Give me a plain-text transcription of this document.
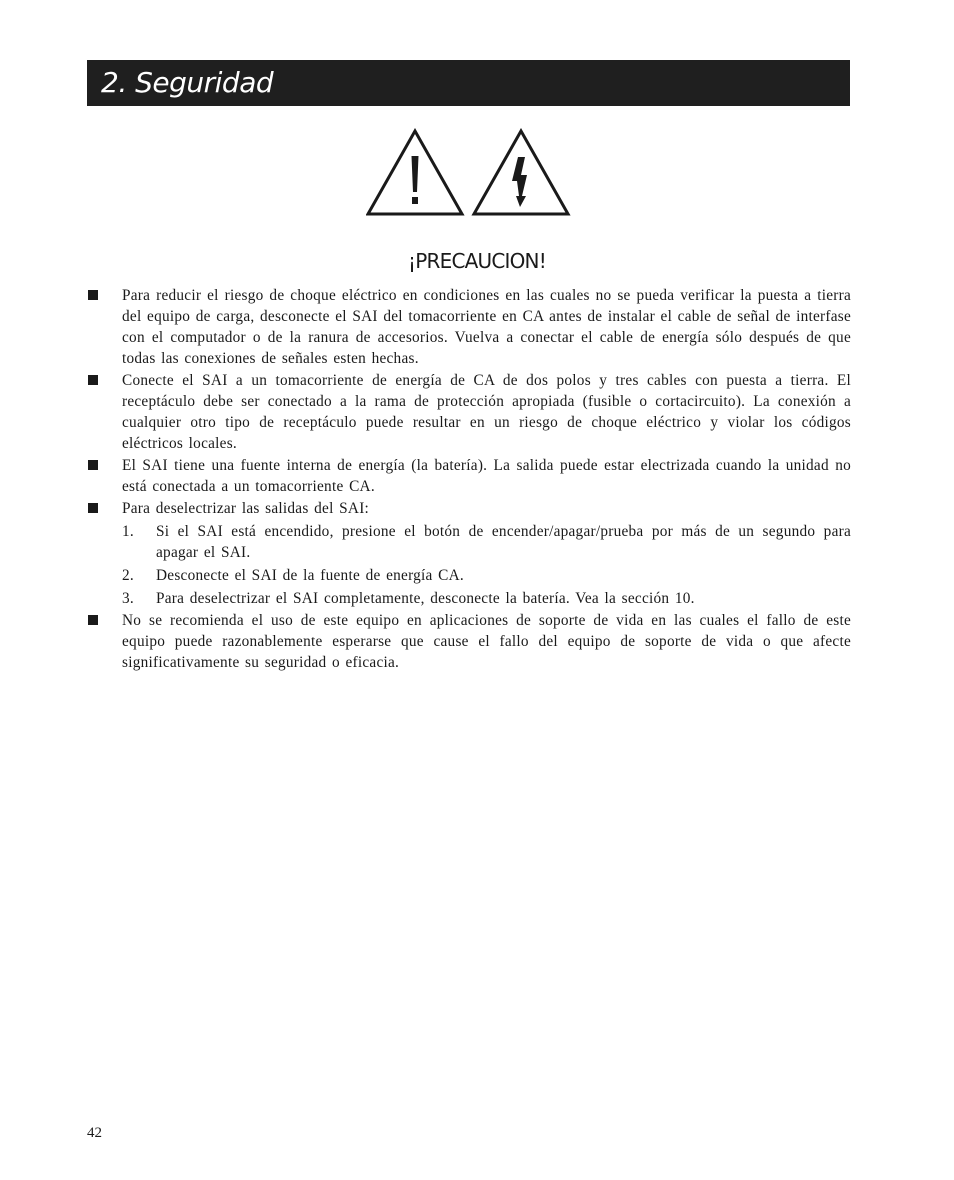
2. Seguridad
¡PRECAUCION!
Para reducir el riesgo de choque eléctrico en condiciones en las cuales no se pueda verificar la puesta a tierra del equipo de carga, desconecte el SAI del tomacorriente en CA antes de instalar el cable de señal de interfase con el computador o de la ranura de accesorios. Vuelva a conectar el cable de energía sólo después de que todas las conexiones de señales esten hechas.
Conecte el SAI a un tomacorriente de energía de CA de dos polos y tres cables con puesta a tierra. El receptáculo debe ser conectado a la rama de protección apropiada (fusible o cortacircuito). La conexión a cualquier otro tipo de receptáculo puede resultar en un riesgo de choque eléctrico y violar los códigos eléctricos locales.
El SAI tiene una fuente interna de energía (la batería). La salida puede estar electrizada cuando la unidad no está conectada a un tomacorriente CA.
Para deselectrizar las salidas del SAI:
1. Si el SAI está encendido, presione el botón de encender/apagar/prueba por más de un segundo para apagar el SAI.
2. Desconecte el SAI de la fuente de energía CA.
3. Para deselectrizar el SAI completamente, desconecte la batería. Vea la sección 10.
No se recomienda el uso de este equipo en aplicaciones de soporte de vida en las cuales el fallo de este equipo puede razonablemente esperarse que cause el fallo del equipo de soporte de vida o que afecte significativamente su seguridad o eficacia.
42
